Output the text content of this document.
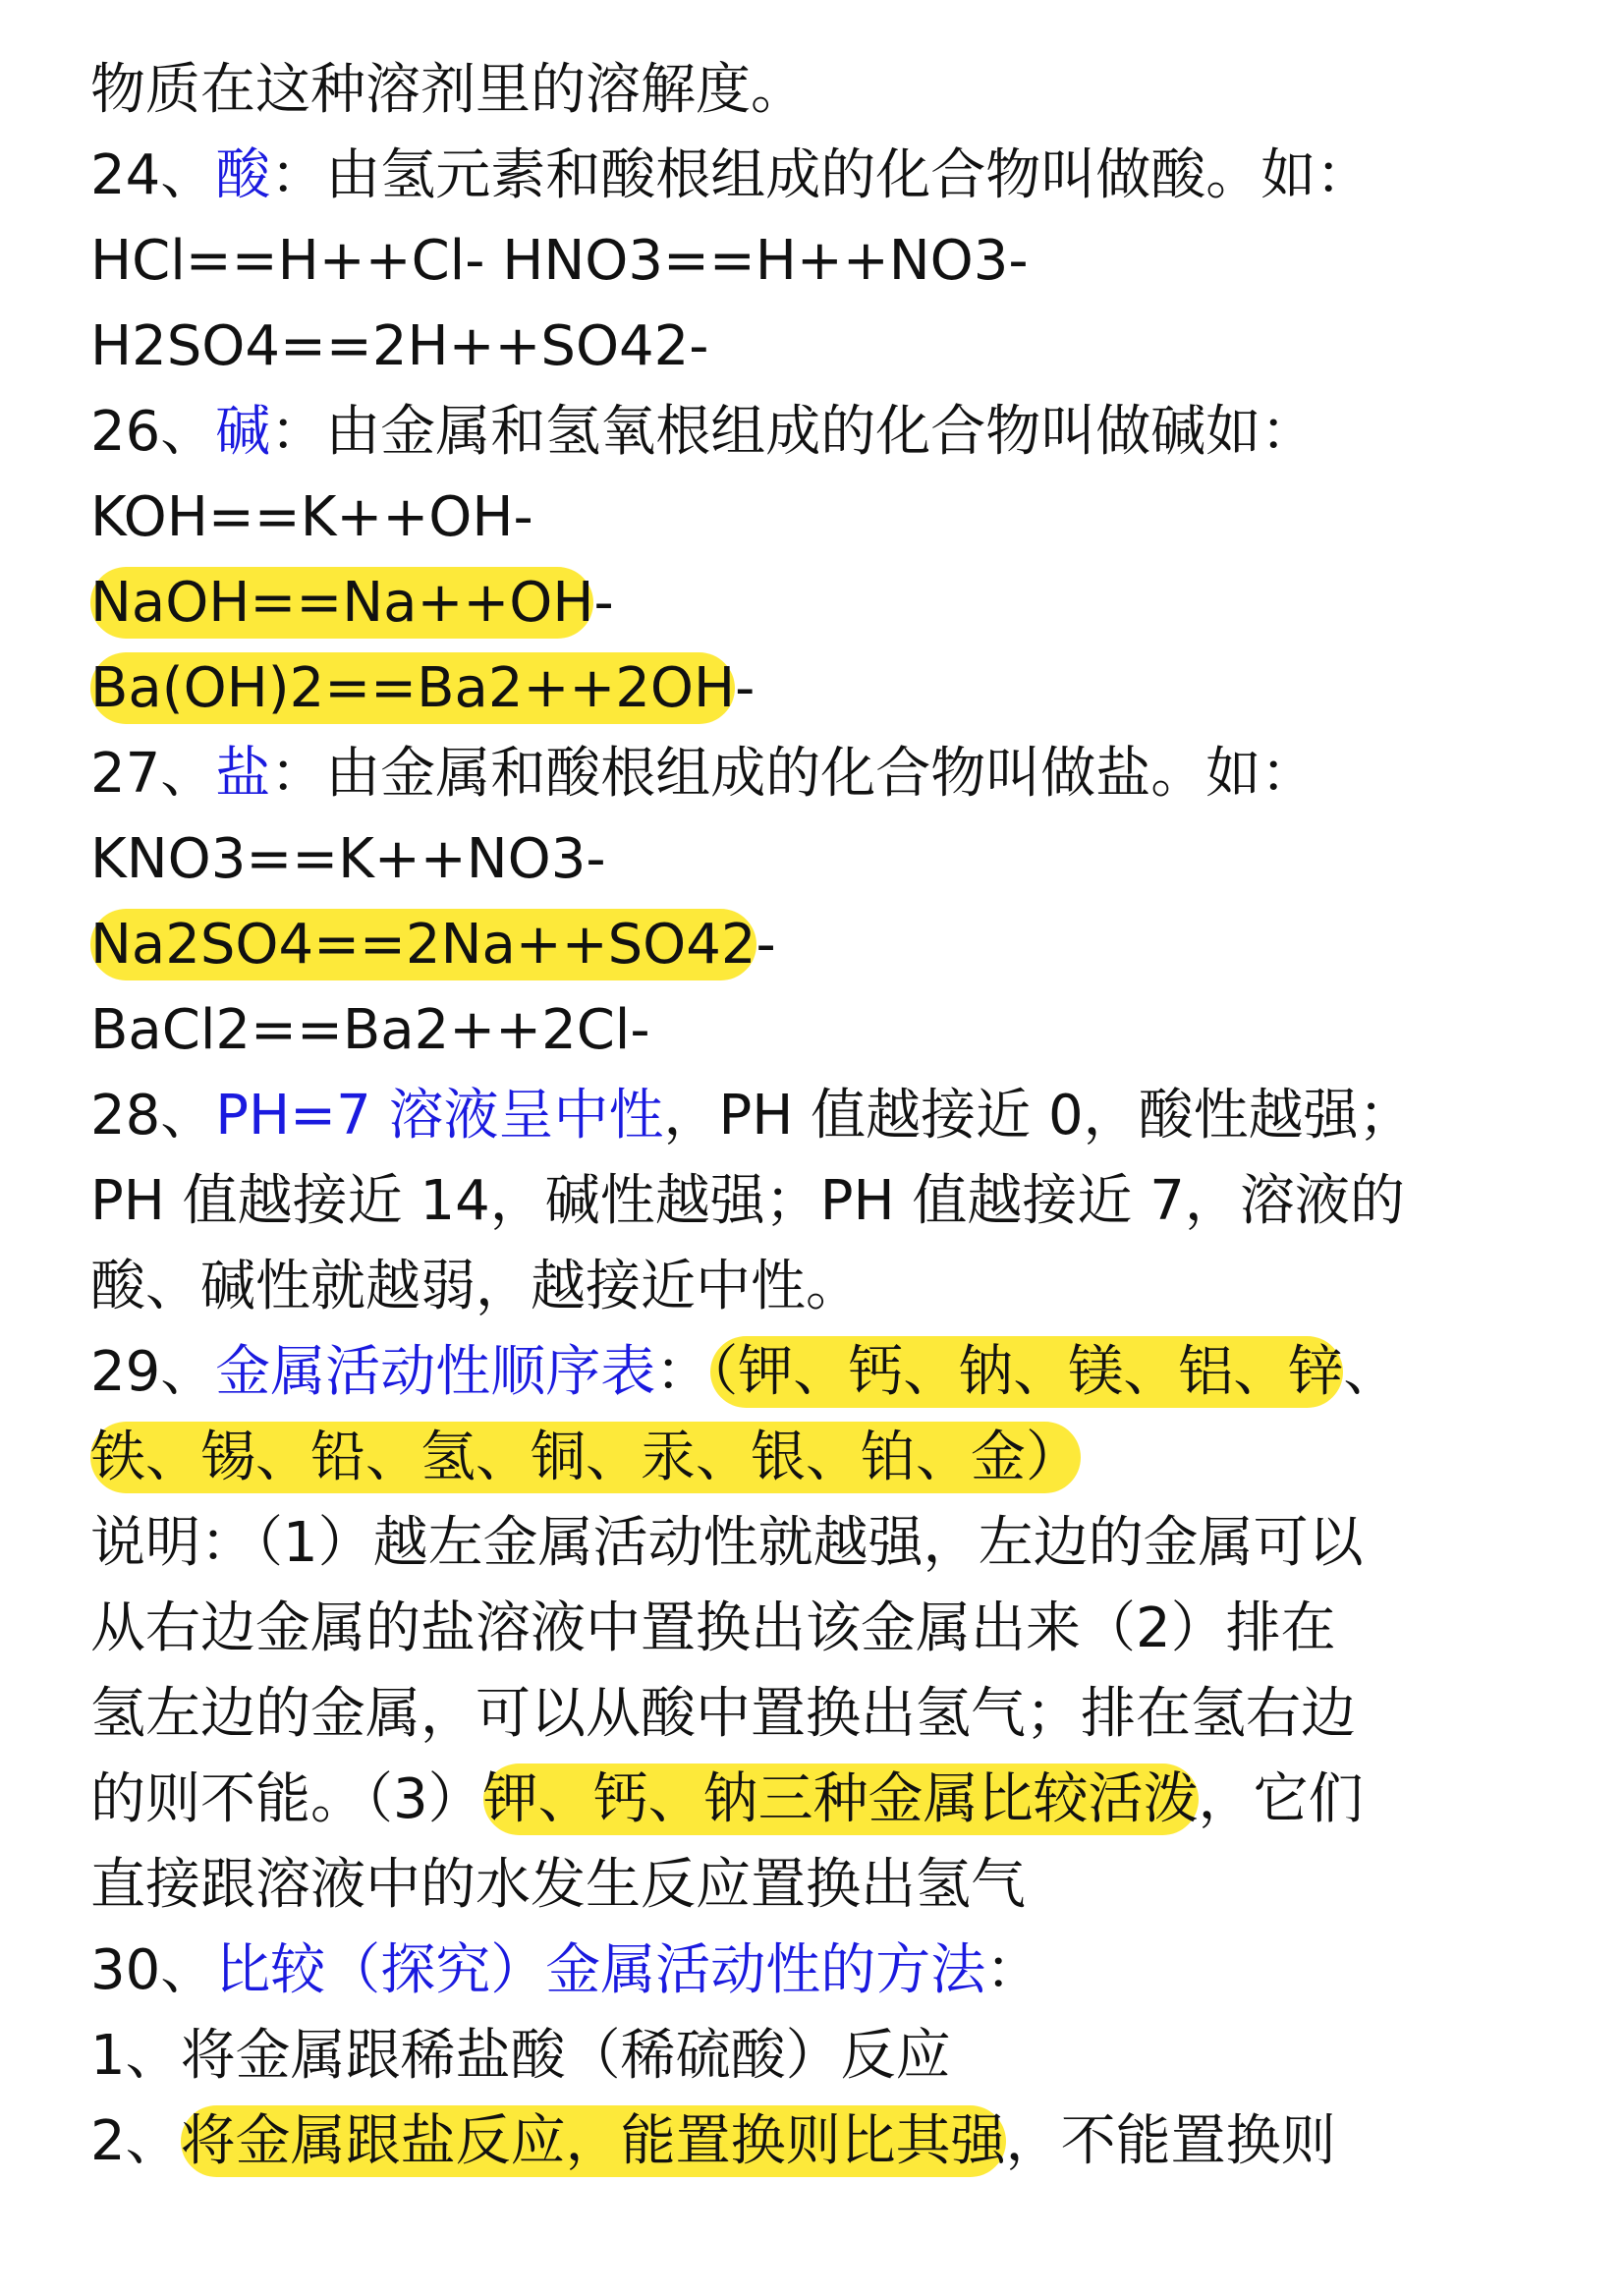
物质在这种溶剂里的溶解度。
24、酸：由氢元素和酸根组成的化合物叫做酸。如：
HCl==H++Cl- HNO3==H++NO3-
H2SO4==2H++SO42-
26、碱：由金属和氢氧根组成的化合物叫做碱如：
KOH==K++OH-
NaOH==Na++OH-
Ba(OH)2==Ba2++2OH-
27、盐：由金属和酸根组成的化合物叫做盐。如：
KNO3==K++NO3-
Na2SO4==2Na++SO42-
BaCl2==Ba2++2Cl-
28、PH=7 溶液呈中性，PH 值越接近 0，酸性越强；
PH 值越接近 14，碱性越强；PH 值越接近 7，溶液的
酸、碱性就越弱，越接近中性。
29、金属活动性顺序表：（钾、钙、钠、镁、铝、锌、
铁、锡、铅、氢、铜、汞、银、铂、金）
说明：（1）越左金属活动性就越强，左边的金属可以
从右边金属的盐溶液中置换出该金属出来（2）排在
氢左边的金属，可以从酸中置换出氢气；排在氢右边
的则不能。（3）钾、钙、钠三种金属比较活泼，它们
直接跟溶液中的水发生反应置换出氢气
30、比较（探究）金属活动性的方法：
1、将金属跟稀盐酸（稀硫酸）反应
2、将金属跟盐反应，能置换则比其强，不能置换则
